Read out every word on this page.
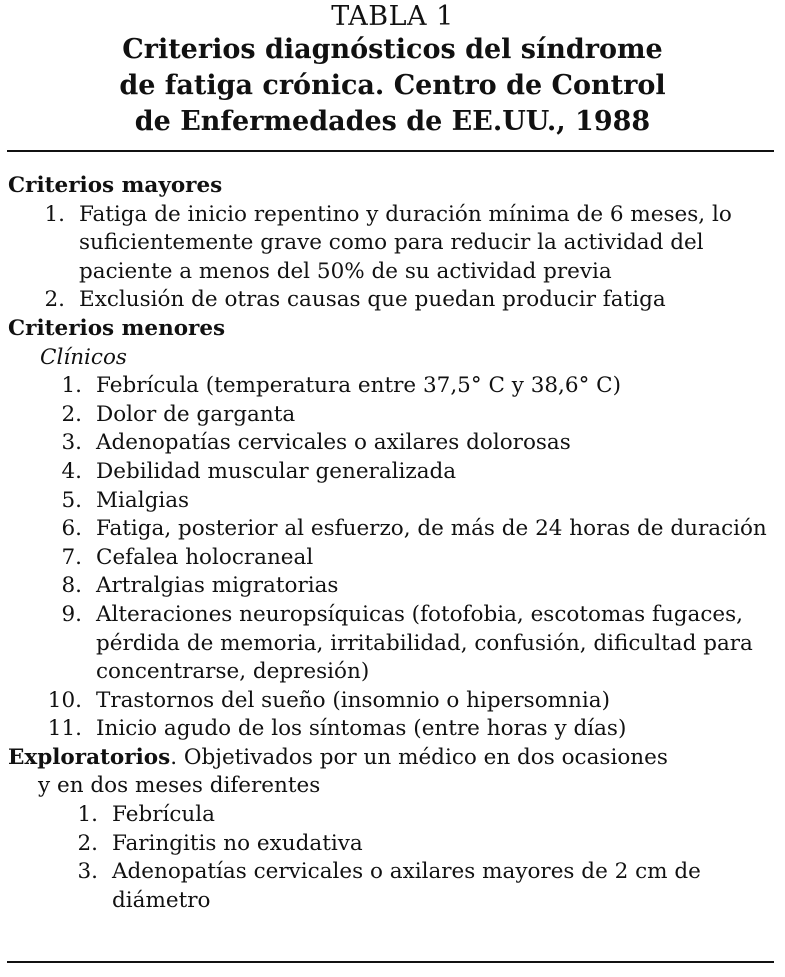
TABLA 1
Criterios diagnósticos del síndrome
de fatiga crónica. Centro de Control
de Enfermedades de EE.UU., 1988
Criterios mayores
1. Fatiga de inicio repentino y duración mínima de 6 meses, lo suficientemente grave como para reducir la actividad del paciente a menos del 50% de su actividad previa
2. Exclusión de otras causas que puedan producir fatiga
Criterios menores
Clínicos
1. Febrícula (temperatura entre 37,5° C y 38,6° C)
2. Dolor de garganta
3. Adenopatías cervicales o axilares dolorosas
4. Debilidad muscular generalizada
5. Mialgias
6. Fatiga, posterior al esfuerzo, de más de 24 horas de duración
7. Cefalea holocraneal
8. Artralgias migratorias
9. Alteraciones neuropsíquicas (fotofobia, escotomas fugaces, pérdida de memoria, irritabilidad, confusión, dificultad para concentrarse, depresión)
10. Trastornos del sueño (insomnio o hipersomnia)
11. Inicio agudo de los síntomas (entre horas y días)
Exploratorios. Objetivados por un médico en dos ocasiones
y en dos meses diferentes
1. Febrícula
2. Faringitis no exudativa
3. Adenopatías cervicales o axilares mayores de 2 cm de diámetro
